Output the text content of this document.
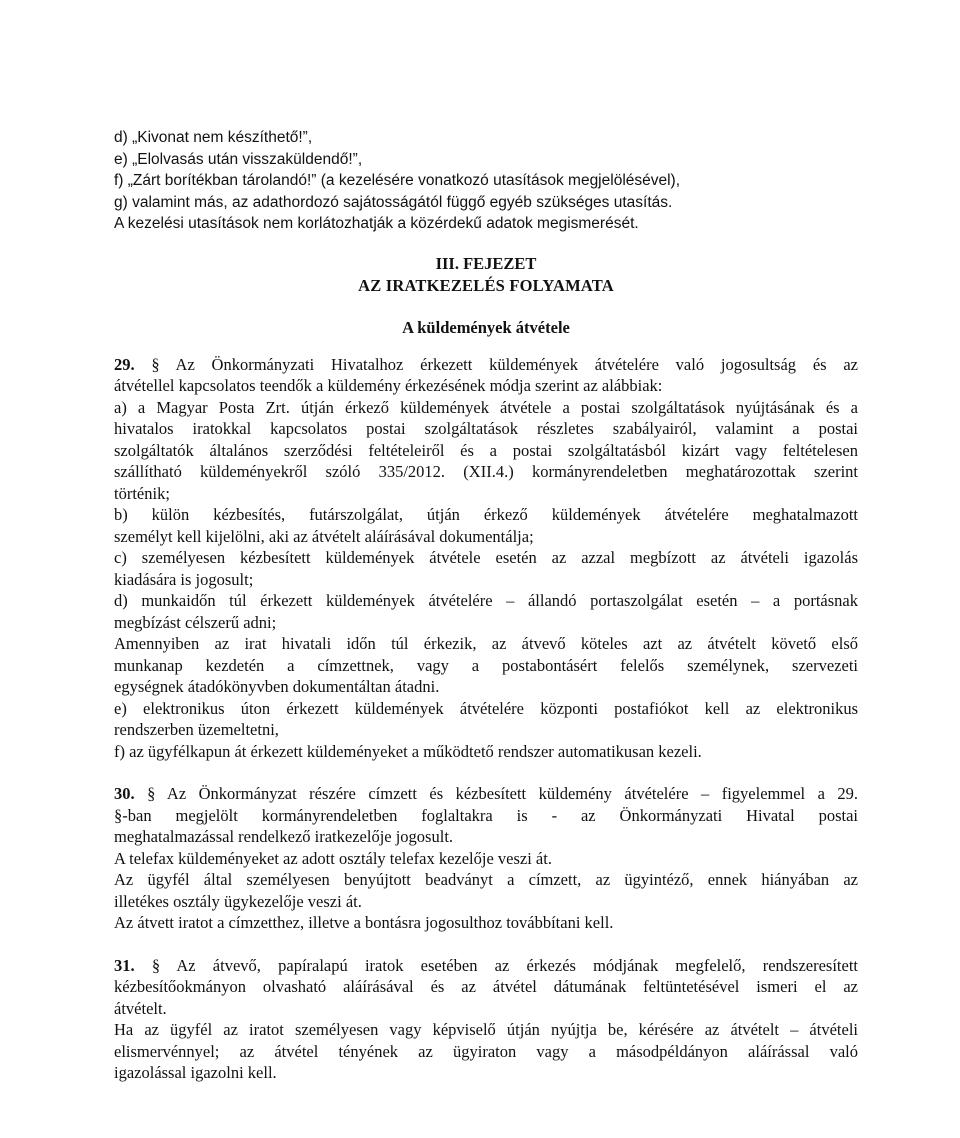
d) „Kivonat nem készíthető!”,

e) „Elolvasás után visszaküldendő!”,

f) „Zárt borítékban tárolandó!” (a kezelésére vonatkozó utasítások megjelölésével),

g) valamint más, az adathordozó sajátosságától függő egyéb szükséges utasítás.

A kezelési utasítások nem korlátozhatják a közérdekű adatok megismerését.

III. FEJEZET

AZ IRATKEZELÉS FOLYAMATA

A küldemények átvétele

29. § Az Önkormányzati Hivatalhoz érkezett küldemények átvételére való jogosultság és az

átvétellel kapcsolatos teendők a küldemény érkezésének módja szerint az alábbiak:

a) a Magyar Posta Zrt. útján érkező küldemények átvétele a postai szolgáltatások nyújtásának és a

hivatalos iratokkal kapcsolatos postai szolgáltatások részletes szabályairól, valamint a postai

szolgáltatók általános szerződési feltételeiről és a postai szolgáltatásból kizárt vagy feltételesen

szállítható küldeményekről szóló 335/2012. (XII.4.) kormányrendeletben meghatározottak szerint

történik;

b) külön kézbesítés, futárszolgálat, útján érkező küldemények átvételére meghatalmazott

személyt kell kijelölni, aki az átvételt aláírásával dokumentálja;

c) személyesen kézbesített küldemények átvétele esetén az azzal megbízott az átvételi igazolás

kiadására is jogosult;

d) munkaidőn túl érkezett küldemények átvételére – állandó portaszolgálat esetén – a portásnak

megbízást célszerű adni;

Amennyiben az irat hivatali időn túl érkezik, az átvevő köteles azt az átvételt követő első

munkanap kezdetén a címzettnek, vagy a postabontásért felelős személynek, szervezeti

egységnek átadókönyvben dokumentáltan átadni.

e) elektronikus úton érkezett küldemények átvételére központi postafiókot kell az elektronikus

rendszerben üzemeltetni,

f) az ügyfélkapun át érkezett küldeményeket a működtető rendszer automatikusan kezeli.

30. § Az Önkormányzat részére címzett és kézbesített küldemény átvételére – figyelemmel a 29.

§-ban megjelölt kormányrendeletben foglaltakra is - az Önkormányzati Hivatal postai

meghatalmazással rendelkező iratkezelője jogosult.

A telefax küldeményeket az adott osztály telefax kezelője veszi át.

Az ügyfél által személyesen benyújtott beadványt a címzett, az ügyintéző, ennek hiányában az

illetékes osztály ügykezelője veszi át.

Az átvett iratot a címzetthez, illetve a bontásra jogosulthoz továbbítani kell.

31. § Az átvevő, papíralapú iratok esetében az érkezés módjának megfelelő, rendszeresített

kézbesítőokmányon olvasható aláírásával és az átvétel dátumának feltüntetésével ismeri el az

átvételt.

Ha az ügyfél az iratot személyesen vagy képviselő útján nyújtja be, kérésére az átvételt – átvételi

elismervénnyel; az átvétel tényének az ügyiraton vagy a másodpéldányon aláírással való

igazolással igazolni kell.
